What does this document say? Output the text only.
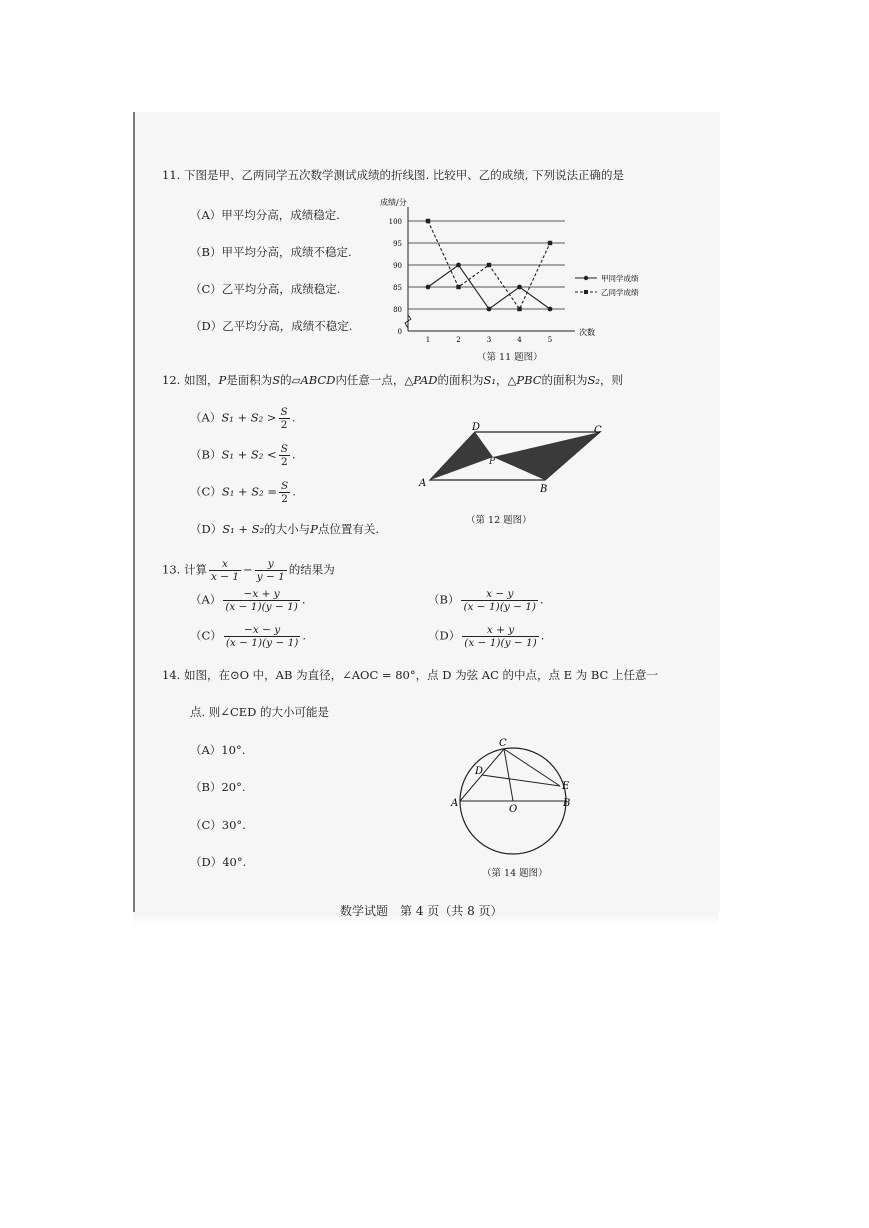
11. 下图是甲、乙两同学五次数学测试成绩的折线图. 比较甲、乙的成绩, 下列说法正确的是
（A）甲平均分高，成绩稳定.
（B）甲平均分高，成绩不稳定.
（C）乙平均分高，成绩稳定.
（D）乙平均分高，成绩不稳定.
成绩/分
次数
0
80
85
90
95
100
1	2	3	4	5
甲同学成绩
乙同学成绩
（第 11 题图）
12. 如图，P是面积为S的▱ABCD内任意一点，△PAD的面积为S₁，△PBC的面积为S₂，则
$(A)S_1 + S_2 > \frac{S}{2}$ .
$(B)S_1 + S_2 < \frac{S}{2}$ .
$(C)S_1 + S_2 = \frac{S}{2}$ .
（D）S₁ + S₂的大小与P点位置有关.
A
B
C
D
P
（第 12 题图）
13. 计算 $\frac{x}{x - 1} - \frac{y}{y - 1}$ 的结果为
$(A) \frac{-x + y}{(x - 1)(y - 1)}$ .	$(B) \frac{x - y}{(x - 1)(y - 1)}$ .
$(C) \frac{-x - y}{(x - 1)(y - 1)}$ .	$(D) \frac{x + y}{(x - 1)(y - 1)}$ .
14. 如图，在⊙O 中，AB 为直径，∠AOC = 80°，点 D 为弦 AC 的中点，点 E 为 BC 上任意一
点. 则∠CED 的大小可能是
（A）10°.
（B）20°.
（C）30°.
（D）40°.
A	B
C
D
E
O
（第 14 题图）
数学试题　第 4 页（共 8 页）
